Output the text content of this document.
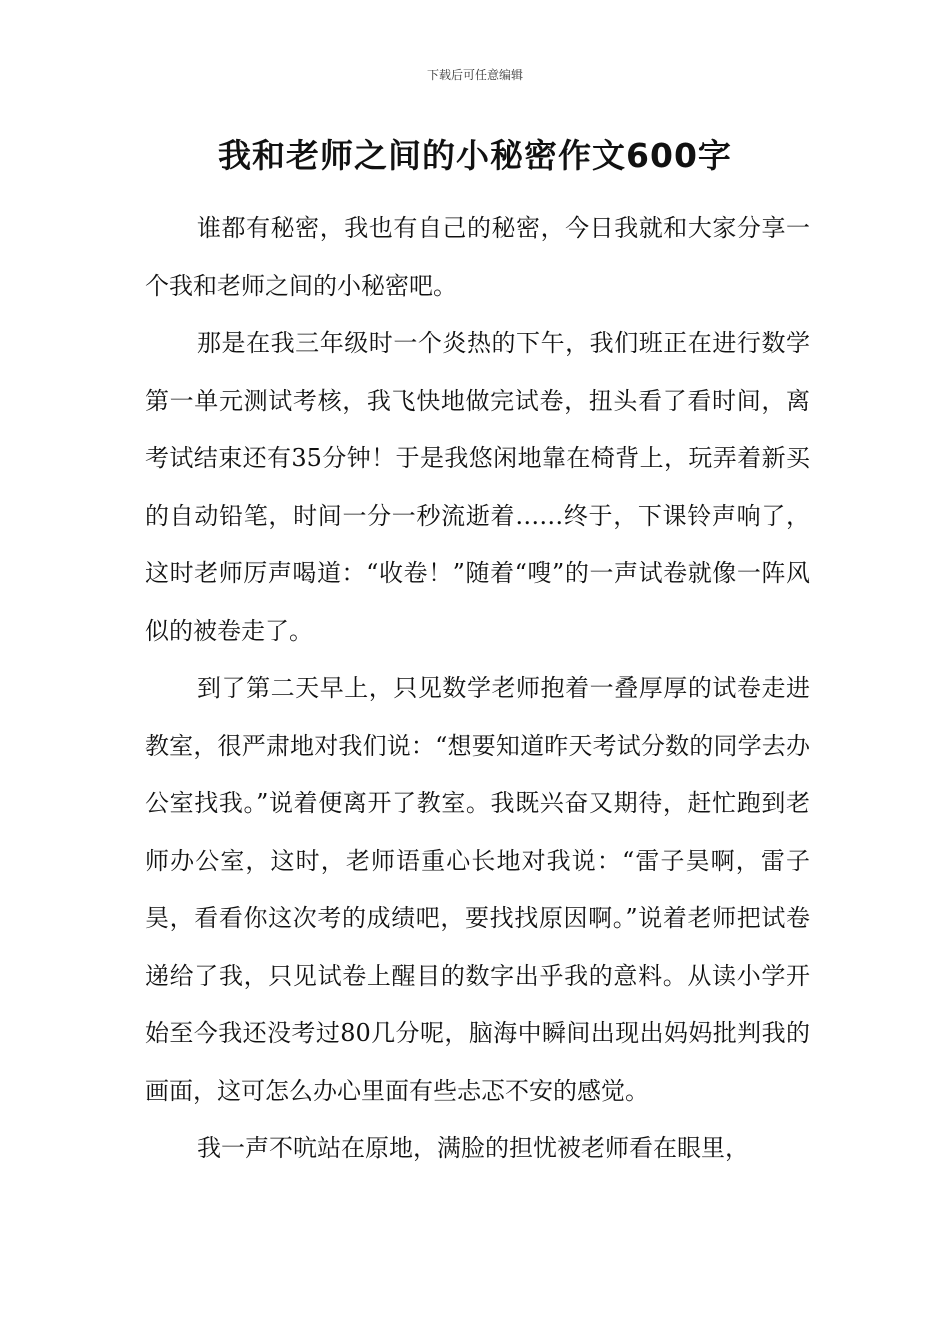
下载后可任意编辑
我和老师之间的小秘密作文600字

谁都有秘密，我也有自己的秘密，今日我就和大家分享一个我和老师之间的小秘密吧。

那是在我三年级时一个炎热的下午，我们班正在进行数学第一单元测试考核，我飞快地做完试卷，扭头看了看时间，离考试结束还有35分钟！于是我悠闲地靠在椅背上，玩弄着新买的自动铅笔，时间一分一秒流逝着……终于，下课铃声响了，这时老师厉声喝道：“收卷！”随着“嗖”的一声试卷就像一阵风似的被卷走了。

到了第二天早上，只见数学老师抱着一叠厚厚的试卷走进教室，很严肃地对我们说：“想要知道昨天考试分数的同学去办公室找我。”说着便离开了教室。我既兴奋又期待，赶忙跑到老师办公室，这时，老师语重心长地对我说：“雷子昊啊，雷子昊，看看你这次考的成绩吧，要找找原因啊。”说着老师把试卷递给了我，只见试卷上醒目的数字出乎我的意料。从读小学开始至今我还没考过80几分呢，脑海中瞬间出现出妈妈批判我的画面，这可怎么办心里面有些忐忑不安的感觉。

我一声不吭站在原地，满脸的担忧被老师看在眼里，
